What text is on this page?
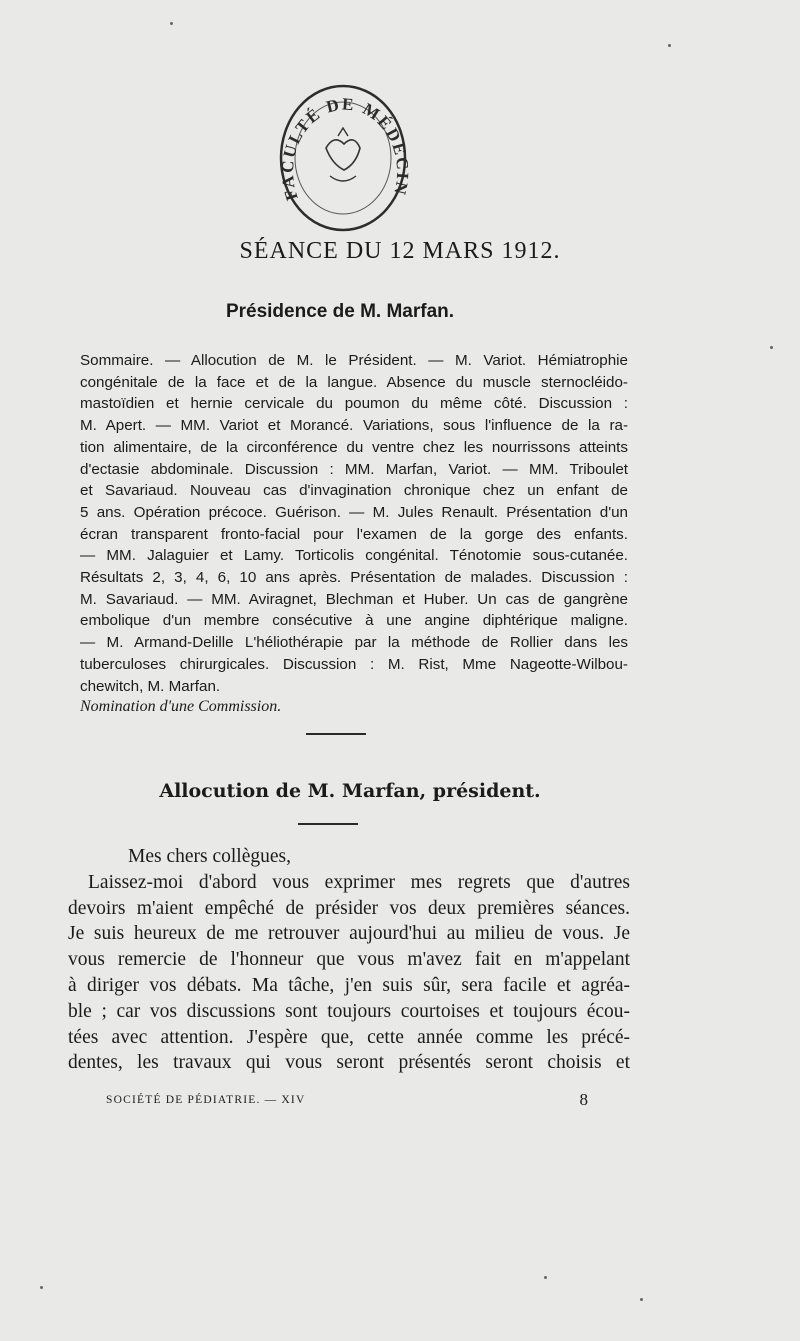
FACULTÉ DE MÉDECIN
SÉANCE DU 12 MARS 1912.
Présidence de M. Marfan.
Sommaire. — Allocution de M. le Président. — M. Variot. Hémiatrophie
congénitale de la face et de la langue. Absence du muscle sternocléido-
mastoïdien et hernie cervicale du poumon du même côté. Discussion :
M. Apert. — MM. Variot et Morancé. Variations, sous l'influence de la ra-
tion alimentaire, de la circonférence du ventre chez les nourrissons atteints
d'ectasie abdominale. Discussion : MM. Marfan, Variot. — MM. Triboulet
et Savariaud. Nouveau cas d'invagination chronique chez un enfant de
5 ans. Opération précoce. Guérison. — M. Jules Renault. Présentation d'un
écran transparent fronto-facial pour l'examen de la gorge des enfants.
— MM. Jalaguier et Lamy. Torticolis congénital. Ténotomie sous-cutanée.
Résultats 2, 3, 4, 6, 10 ans après. Présentation de malades. Discussion :
M. Savariaud. — MM. Aviragnet, Blechman et Huber. Un cas de gangrène
embolique d'un membre consécutive à une angine diphtérique maligne.
— M. Armand-Delille L'héliothérapie par la méthode de Rollier dans les
tuberculoses chirurgicales. Discussion : M. Rist, Mme Nageotte-Wilbou-
chewitch, M. Marfan.
Nomination d'une Commission.
Allocution de M. Marfan, président.
Mes chers collègues,
Laissez-moi d'abord vous exprimer mes regrets que d'autres
devoirs m'aient empêché de présider vos deux premières séances.
Je suis heureux de me retrouver aujourd'hui au milieu de vous. Je
vous remercie de l'honneur que vous m'avez fait en m'appelant
à diriger vos débats. Ma tâche, j'en suis sûr, sera facile et agréa-
ble ; car vos discussions sont toujours courtoises et toujours écou-
tées avec attention. J'espère que, cette année comme les précé-
dentes, les travaux qui vous seront présentés seront choisis et
SOCIÉTÉ DE PÉDIATRIE. — XIV	8
